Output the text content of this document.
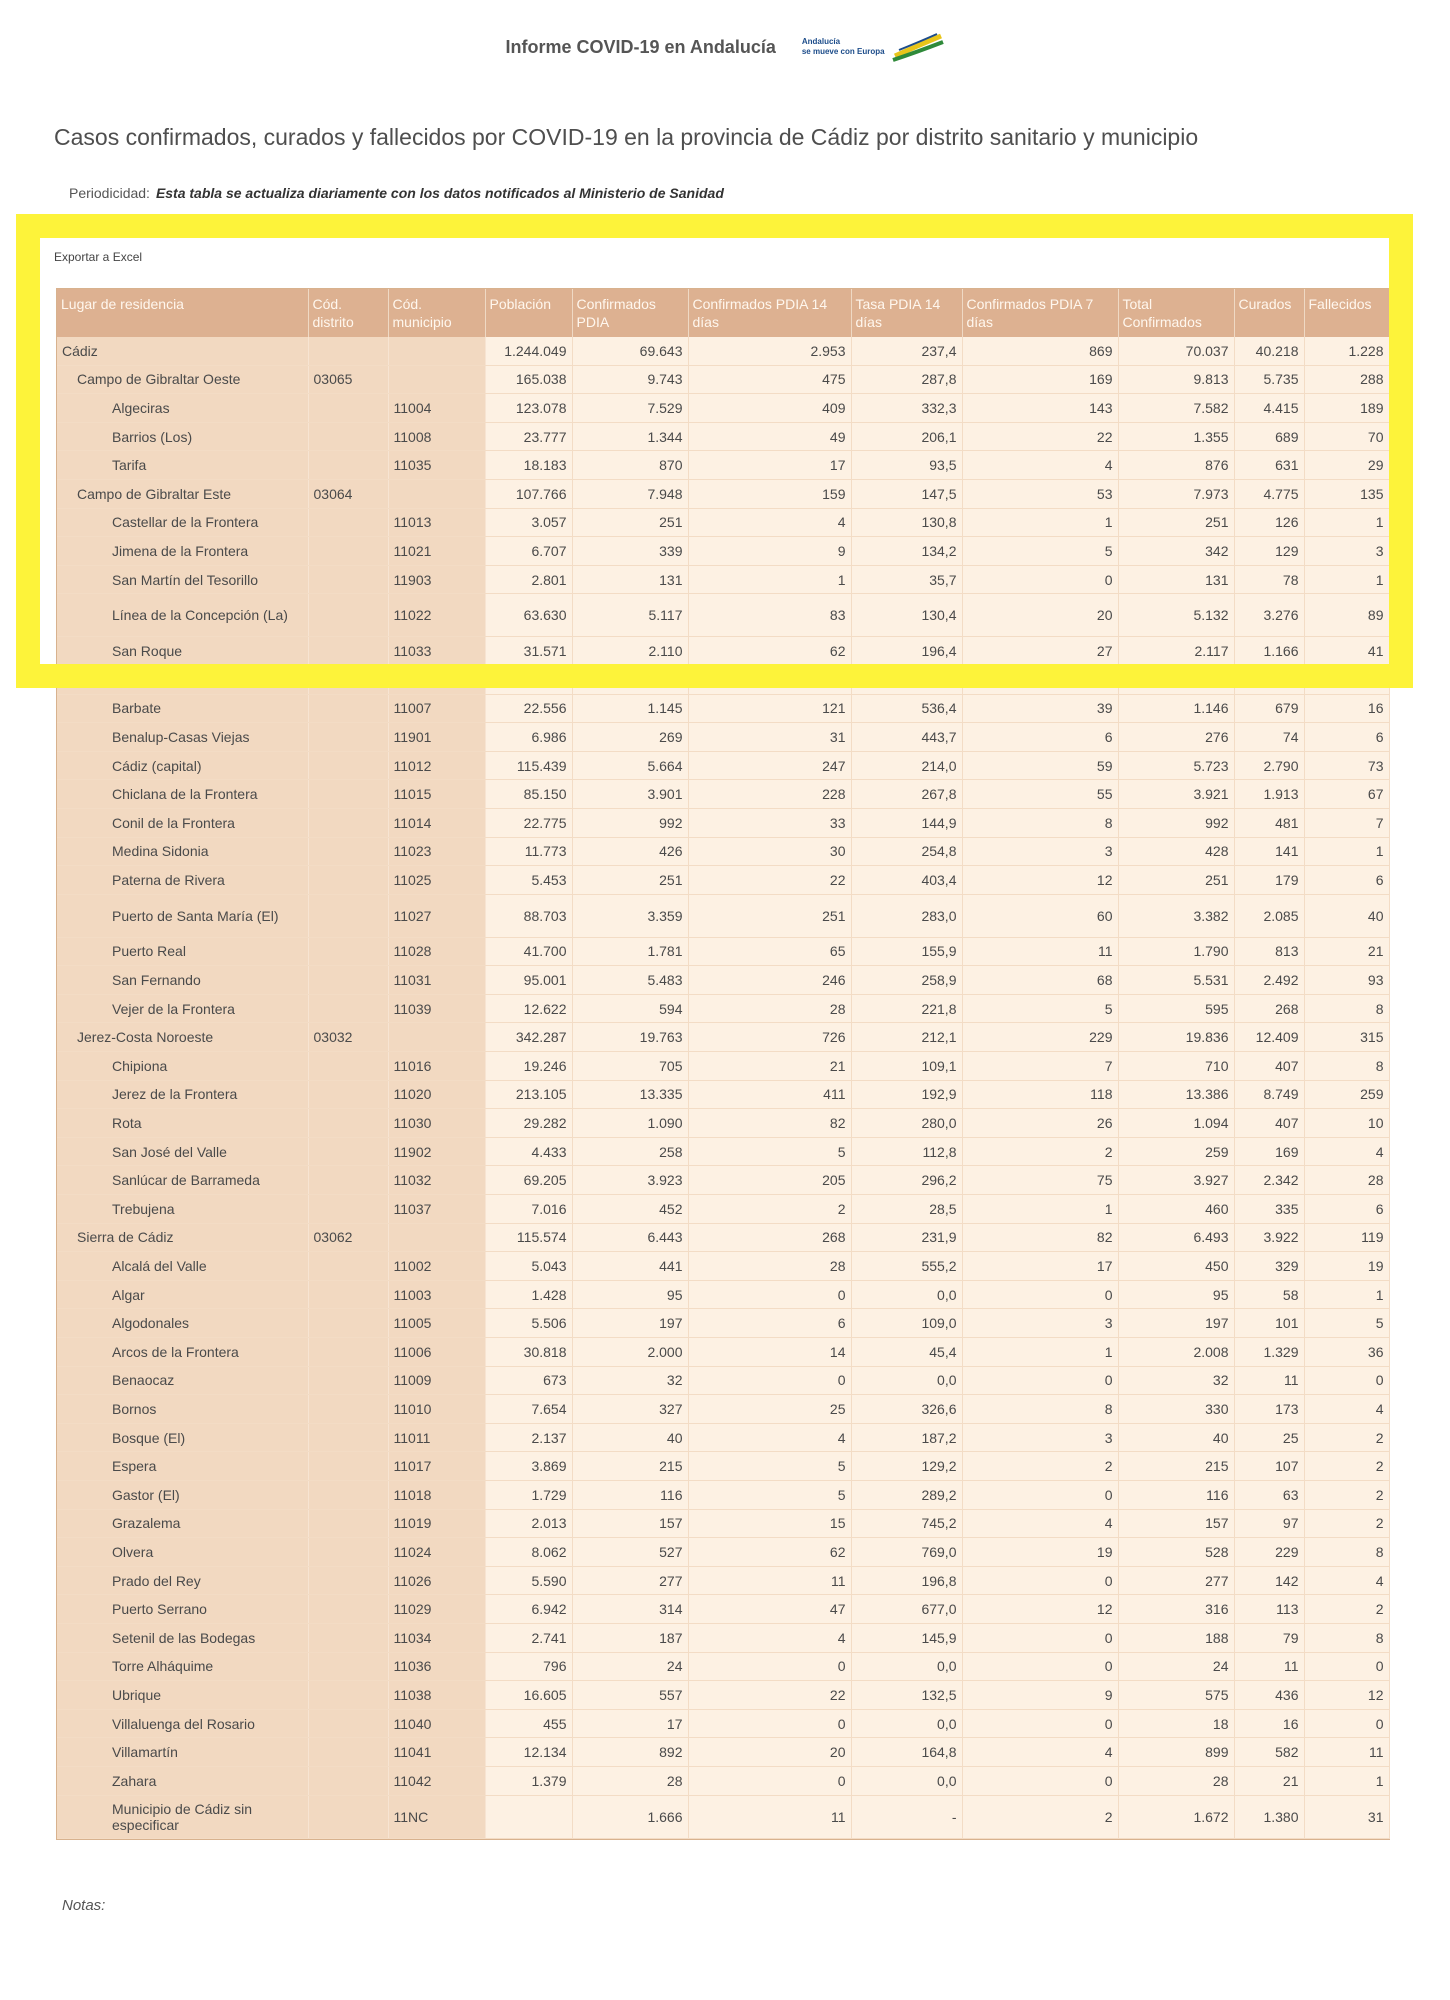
Informe COVID-19 en Andalucía	Andalucía
se mueve con Europa
Casos confirmados, curados y fallecidos por COVID-19 en la provincia de Cádiz por distrito sanitario y municipio
Periodicidad: Esta tabla se actualiza diariamente con los datos notificados al Ministerio de Sanidad
Exportar a Excel
Lugar de residencia	Cód. distrito	Cód. municipio	Población	Confirmados PDIA	Confirmados PDIA 14 días	Tasa PDIA 14 días	Confirmados PDIA 7 días	Total Confirmados	Curados	Fallecidos

Cádiz			1.244.049	69.643	2.953	237,4	869	70.037	40.218	1.228

Campo de Gibraltar Oeste	03065		165.038	9.743	475	287,8	169	9.813	5.735	288

Algeciras		11004	123.078	7.529	409	332,3	143	7.582	4.415	189

Barrios (Los)		11008	23.777	1.344	49	206,1	22	1.355	689	70

Tarifa		11035	18.183	870	17	93,5	4	876	631	29

Campo de Gibraltar Este	03064		107.766	7.948	159	147,5	53	7.973	4.775	135

Castellar de la Frontera		11013	3.057	251	4	130,8	1	251	126	1

Jimena de la Frontera		11021	6.707	339	9	134,2	5	342	129	3

San Martín del Tesorillo		11903	2.801	131	1	35,7	0	131	78	1

Línea de la Concepción (La)		11022	63.630	5.117	83	130,4	20	5.132	3.276	89

San Roque		11033	31.571	2.110	62	196,4	27	2.117	1.166	41

Alcalá de los Gazules		11001	5.226	215	12	229,6	8	215	82	2

Barbate		11007	22.556	1.145	121	536,4	39	1.146	679	16

Benalup-Casas Viejas		11901	6.986	269	31	443,7	6	276	74	6

Cádiz (capital)		11012	115.439	5.664	247	214,0	59	5.723	2.790	73

Chiclana de la Frontera		11015	85.150	3.901	228	267,8	55	3.921	1.913	67

Conil de la Frontera		11014	22.775	992	33	144,9	8	992	481	7

Medina Sidonia		11023	11.773	426	30	254,8	3	428	141	1

Paterna de Rivera		11025	5.453	251	22	403,4	12	251	179	6

Puerto de Santa María (El)		11027	88.703	3.359	251	283,0	60	3.382	2.085	40

Puerto Real		11028	41.700	1.781	65	155,9	11	1.790	813	21

San Fernando		11031	95.001	5.483	246	258,9	68	5.531	2.492	93

Vejer de la Frontera		11039	12.622	594	28	221,8	5	595	268	8

Jerez-Costa Noroeste	03032		342.287	19.763	726	212,1	229	19.836	12.409	315

Chipiona		11016	19.246	705	21	109,1	7	710	407	8

Jerez de la Frontera		11020	213.105	13.335	411	192,9	118	13.386	8.749	259

Rota		11030	29.282	1.090	82	280,0	26	1.094	407	10

San José del Valle		11902	4.433	258	5	112,8	2	259	169	4

Sanlúcar de Barrameda		11032	69.205	3.923	205	296,2	75	3.927	2.342	28

Trebujena		11037	7.016	452	2	28,5	1	460	335	6

Sierra de Cádiz	03062		115.574	6.443	268	231,9	82	6.493	3.922	119

Alcalá del Valle		11002	5.043	441	28	555,2	17	450	329	19

Algar		11003	1.428	95	0	0,0	0	95	58	1

Algodonales		11005	5.506	197	6	109,0	3	197	101	5

Arcos de la Frontera		11006	30.818	2.000	14	45,4	1	2.008	1.329	36

Benaocaz		11009	673	32	0	0,0	0	32	11	0

Bornos		11010	7.654	327	25	326,6	8	330	173	4

Bosque (El)		11011	2.137	40	4	187,2	3	40	25	2

Espera		11017	3.869	215	5	129,2	2	215	107	2

Gastor (El)		11018	1.729	116	5	289,2	0	116	63	2

Grazalema		11019	2.013	157	15	745,2	4	157	97	2

Olvera		11024	8.062	527	62	769,0	19	528	229	8

Prado del Rey		11026	5.590	277	11	196,8	0	277	142	4

Puerto Serrano		11029	6.942	314	47	677,0	12	316	113	2

Setenil de las Bodegas		11034	2.741	187	4	145,9	0	188	79	8

Torre Alháquime		11036	796	24	0	0,0	0	24	11	0

Ubrique		11038	16.605	557	22	132,5	9	575	436	12

Villaluenga del Rosario		11040	455	17	0	0,0	0	18	16	0

Villamartín		11041	12.134	892	20	164,8	4	899	582	11

Zahara		11042	1.379	28	0	0,0	0	28	21	1

Municipio de Cádiz sin especificar		11NC		1.666	11	-	2	1.672	1.380	31
Notas:
